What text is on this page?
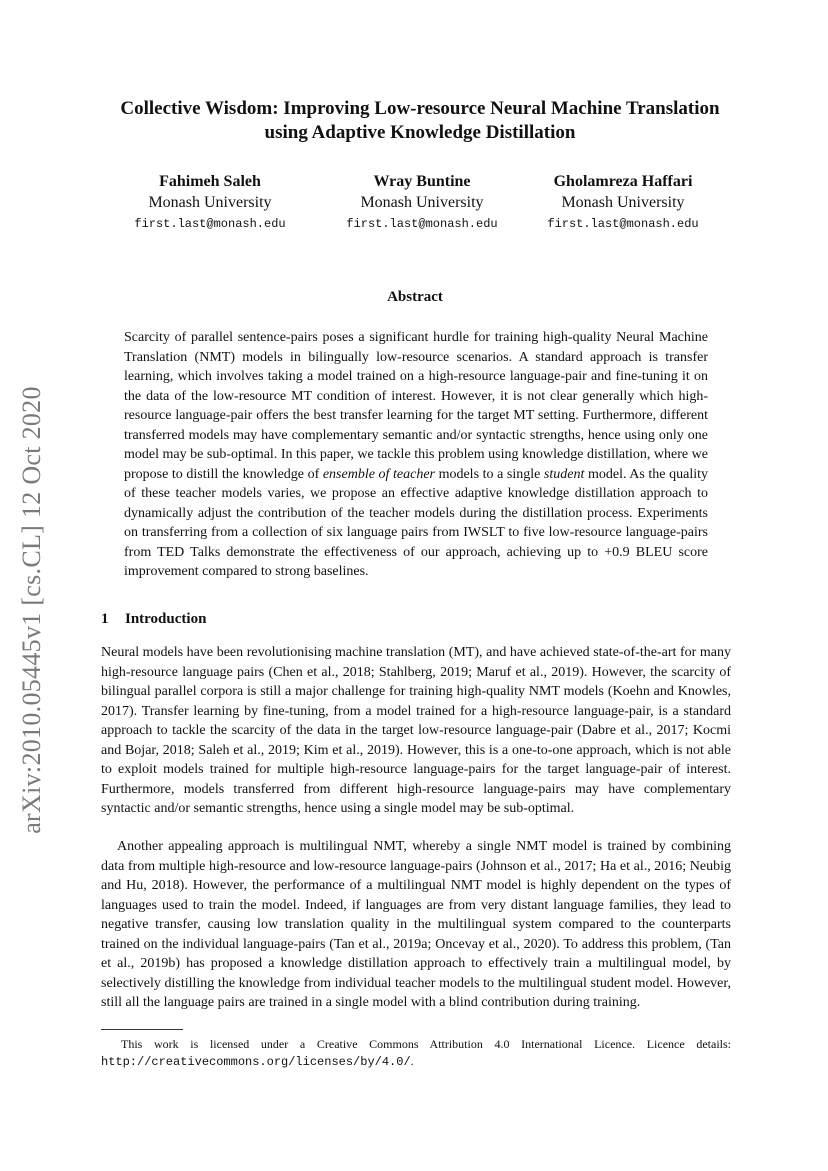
arXiv:2010.05445v1 [cs.CL] 12 Oct 2020
Collective Wisdom: Improving Low-resource Neural Machine Translation
using Adaptive Knowledge Distillation
Fahimeh Saleh
Monash University
first.last@monash.edu
Wray Buntine
Monash University
first.last@monash.edu
Gholamreza Haffari
Monash University
first.last@monash.edu
Abstract
Scarcity of parallel sentence-pairs poses a significant hurdle for training high-quality Neural Machine Translation (NMT) models in bilingually low-resource scenarios. A standard approach is transfer learning, which involves taking a model trained on a high-resource language-pair and fine-tuning it on the data of the low-resource MT condition of interest. However, it is not clear generally which high-resource language-pair offers the best transfer learning for the target MT setting. Furthermore, different transferred models may have complementary semantic and/or syntactic strengths, hence using only one model may be sub-optimal. In this paper, we tackle this problem using knowledge distillation, where we propose to distill the knowledge of ensemble of teacher models to a single student model. As the quality of these teacher models varies, we propose an effective adaptive knowledge distillation approach to dynamically adjust the contribution of the teacher models during the distillation process. Experiments on transferring from a collection of six language pairs from IWSLT to five low-resource language-pairs from TED Talks demonstrate the effectiveness of our approach, achieving up to +0.9 BLEU score improvement compared to strong baselines.
1 Introduction
Neural models have been revolutionising machine translation (MT), and have achieved state-of-the-art for many high-resource language pairs (Chen et al., 2018; Stahlberg, 2019; Maruf et al., 2019). However, the scarcity of bilingual parallel corpora is still a major challenge for training high-quality NMT models (Koehn and Knowles, 2017). Transfer learning by fine-tuning, from a model trained for a high-resource language-pair, is a standard approach to tackle the scarcity of the data in the target low-resource language-pair (Dabre et al., 2017; Kocmi and Bojar, 2018; Saleh et al., 2019; Kim et al., 2019). However, this is a one-to-one approach, which is not able to exploit models trained for multiple high-resource language-pairs for the target language-pair of interest. Furthermore, models transferred from different high-resource language-pairs may have complementary syntactic and/or semantic strengths, hence using a single model may be sub-optimal.
Another appealing approach is multilingual NMT, whereby a single NMT model is trained by combining data from multiple high-resource and low-resource language-pairs (Johnson et al., 2017; Ha et al., 2016; Neubig and Hu, 2018). However, the performance of a multilingual NMT model is highly dependent on the types of languages used to train the model. Indeed, if languages are from very distant language families, they lead to negative transfer, causing low translation quality in the multilingual system compared to the counterparts trained on the individual language-pairs (Tan et al., 2019a; Oncevay et al., 2020). To address this problem, (Tan et al., 2019b) has proposed a knowledge distillation approach to effectively train a multilingual model, by selectively distilling the knowledge from individual teacher models to the multilingual student model. However, still all the language pairs are trained in a single model with a blind contribution during training.
This work is licensed under a Creative Commons Attribution 4.0 International Licence. Licence details: http://creativecommons.org/licenses/by/4.0/.
